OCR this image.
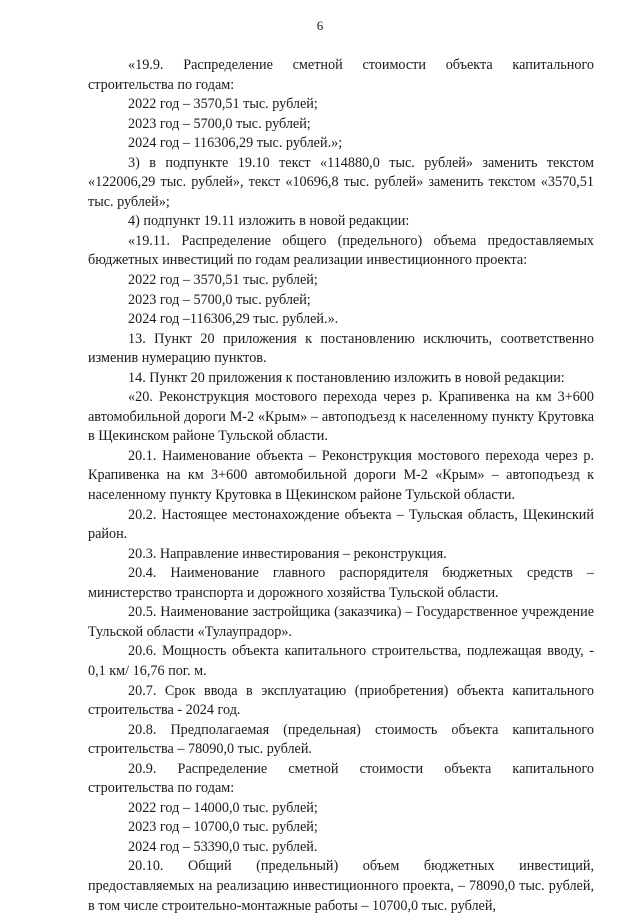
6

«19.9. Распределение сметной стоимости объекта капитального строительства по годам:

2022 год – 3570,51 тыс. рублей;

2023 год – 5700,0 тыс. рублей;

2024 год – 116306,29 тыс. рублей.»;

3) в подпункте 19.10 текст «114880,0 тыс. рублей» заменить текстом «122006,29 тыс. рублей», текст «10696,8 тыс. рублей» заменить текстом «3570,51 тыс. рублей»;

4) подпункт 19.11 изложить в новой редакции:

«19.11. Распределение общего (предельного) объема предоставляемых бюджетных инвестиций по годам реализации инвестиционного проекта:

2022 год – 3570,51 тыс. рублей;

2023 год – 5700,0 тыс. рублей;

2024 год –116306,29 тыс. рублей.».

13. Пункт 20 приложения к постановлению исключить, соответственно изменив нумерацию пунктов.

14. Пункт 20 приложения к постановлению изложить в новой редакции:

«20. Реконструкция мостового перехода через р. Крапивенка на км 3+600 автомобильной дороги М-2 «Крым» – автоподъезд к населенному пункту Крутовка в Щекинском районе Тульской области.

20.1. Наименование объекта – Реконструкция мостового перехода через р. Крапивенка на км 3+600 автомобильной дороги М-2 «Крым» – автоподъезд к населенному пункту Крутовка в Щекинском районе Тульской области.

20.2. Настоящее местонахождение объекта – Тульская область, Щекинский район.

20.3. Направление инвестирования – реконструкция.

20.4. Наименование главного распорядителя бюджетных средств – министерство транспорта и дорожного хозяйства Тульской области.

20.5. Наименование застройщика (заказчика) – Государственное учреждение Тульской области «Тулаупрадор».

20.6. Мощность объекта капитального строительства, подлежащая вводу, - 0,1 км/ 16,76 пог. м.

20.7. Срок ввода в эксплуатацию (приобретения) объекта капитального строительства - 2024 год.

20.8. Предполагаемая (предельная) стоимость объекта капитального строительства – 78090,0 тыс. рублей.

20.9. Распределение сметной стоимости объекта капитального строительства по годам:

2022 год – 14000,0 тыс. рублей;

2023 год – 10700,0 тыс. рублей;

2024 год – 53390,0 тыс. рублей.

20.10. Общий (предельный) объем бюджетных инвестиций, предоставляемых на реализацию инвестиционного проекта, – 78090,0 тыс. рублей, в том числе строительно-монтажные работы – 10700,0 тыс. рублей,
